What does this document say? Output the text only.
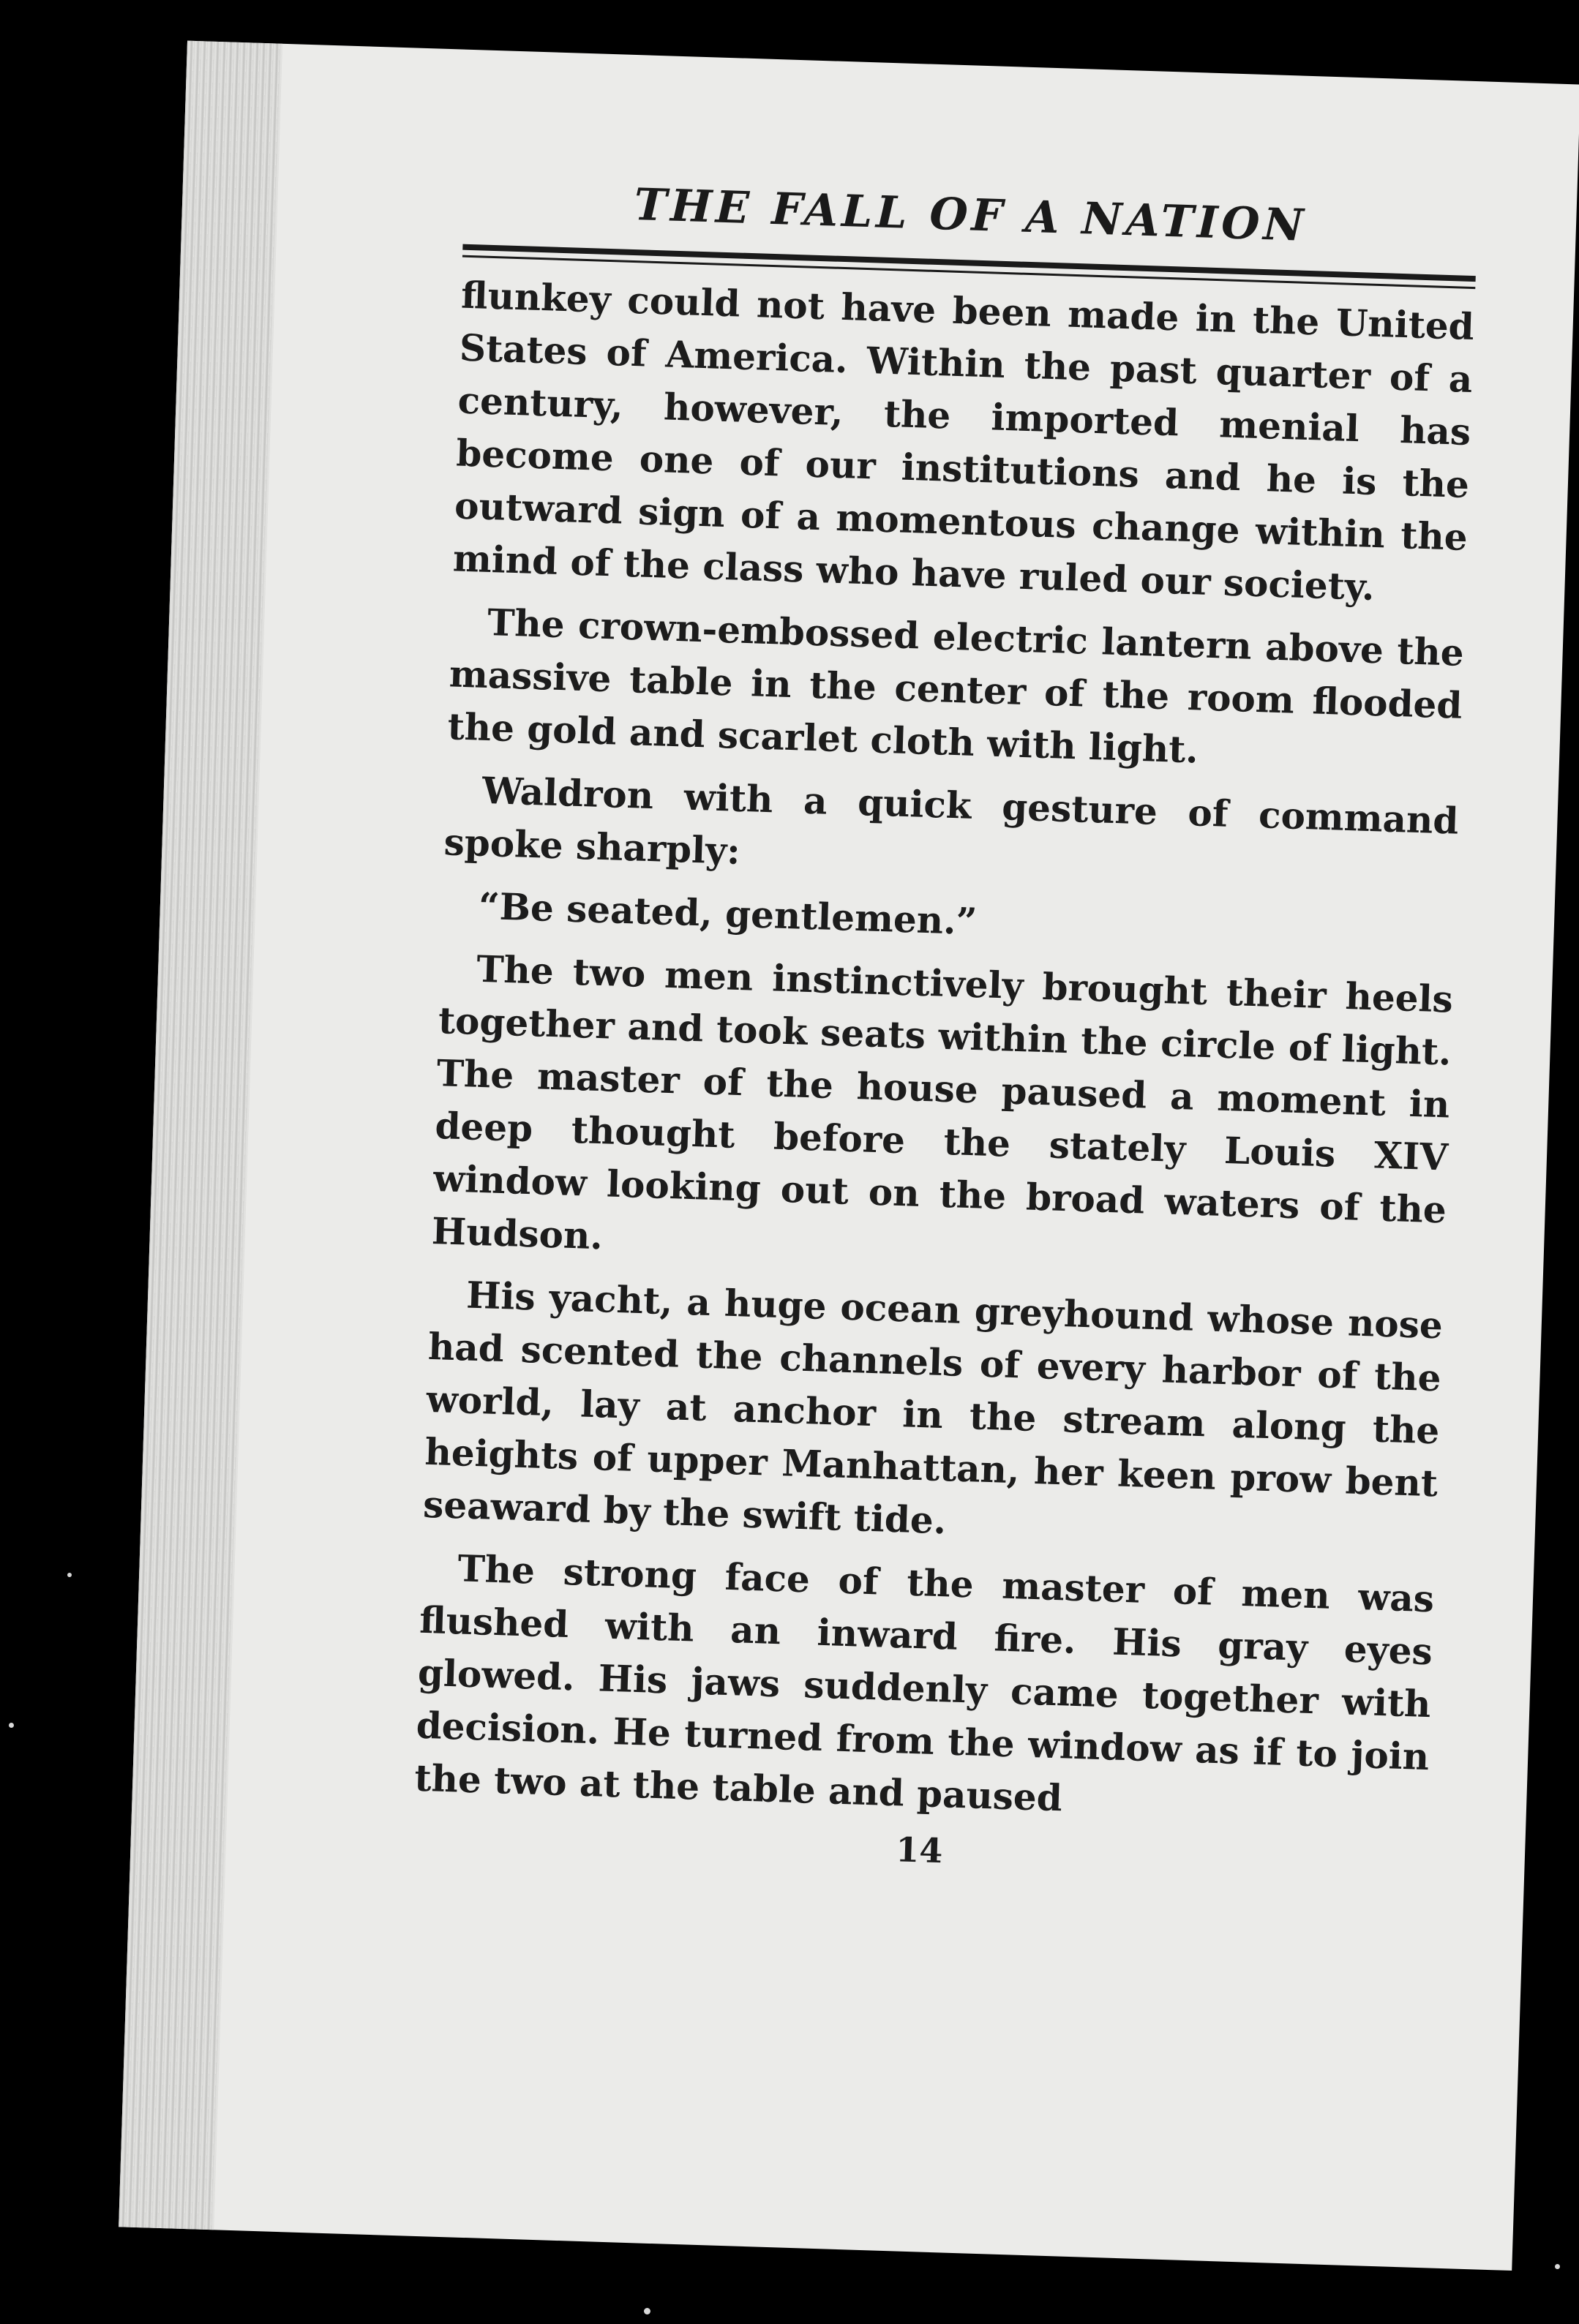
THE FALL OF A NATION

flunkey could not have been made in the United States of America. Within the past quarter of a century, however, the imported menial has become one of our institutions and he is the outward sign of a momentous change within the mind of the class who have ruled our society.

The crown-embossed electric lantern above the massive table in the center of the room flooded the gold and scarlet cloth with light.

Waldron with a quick gesture of command spoke sharply:

“Be seated, gentlemen.”

The two men instinctively brought their heels together and took seats within the circle of light. The master of the house paused a moment in deep thought before the stately Louis XIV window looking out on the broad waters of the Hudson.

His yacht, a huge ocean greyhound whose nose had scented the channels of every harbor of the world, lay at anchor in the stream along the heights of upper Manhattan, her keen prow bent seaward by the swift tide.

The strong face of the master of men was flushed with an inward fire. His gray eyes glowed. His jaws suddenly came together with decision. He turned from the window as if to join the two at the table and paused

14
